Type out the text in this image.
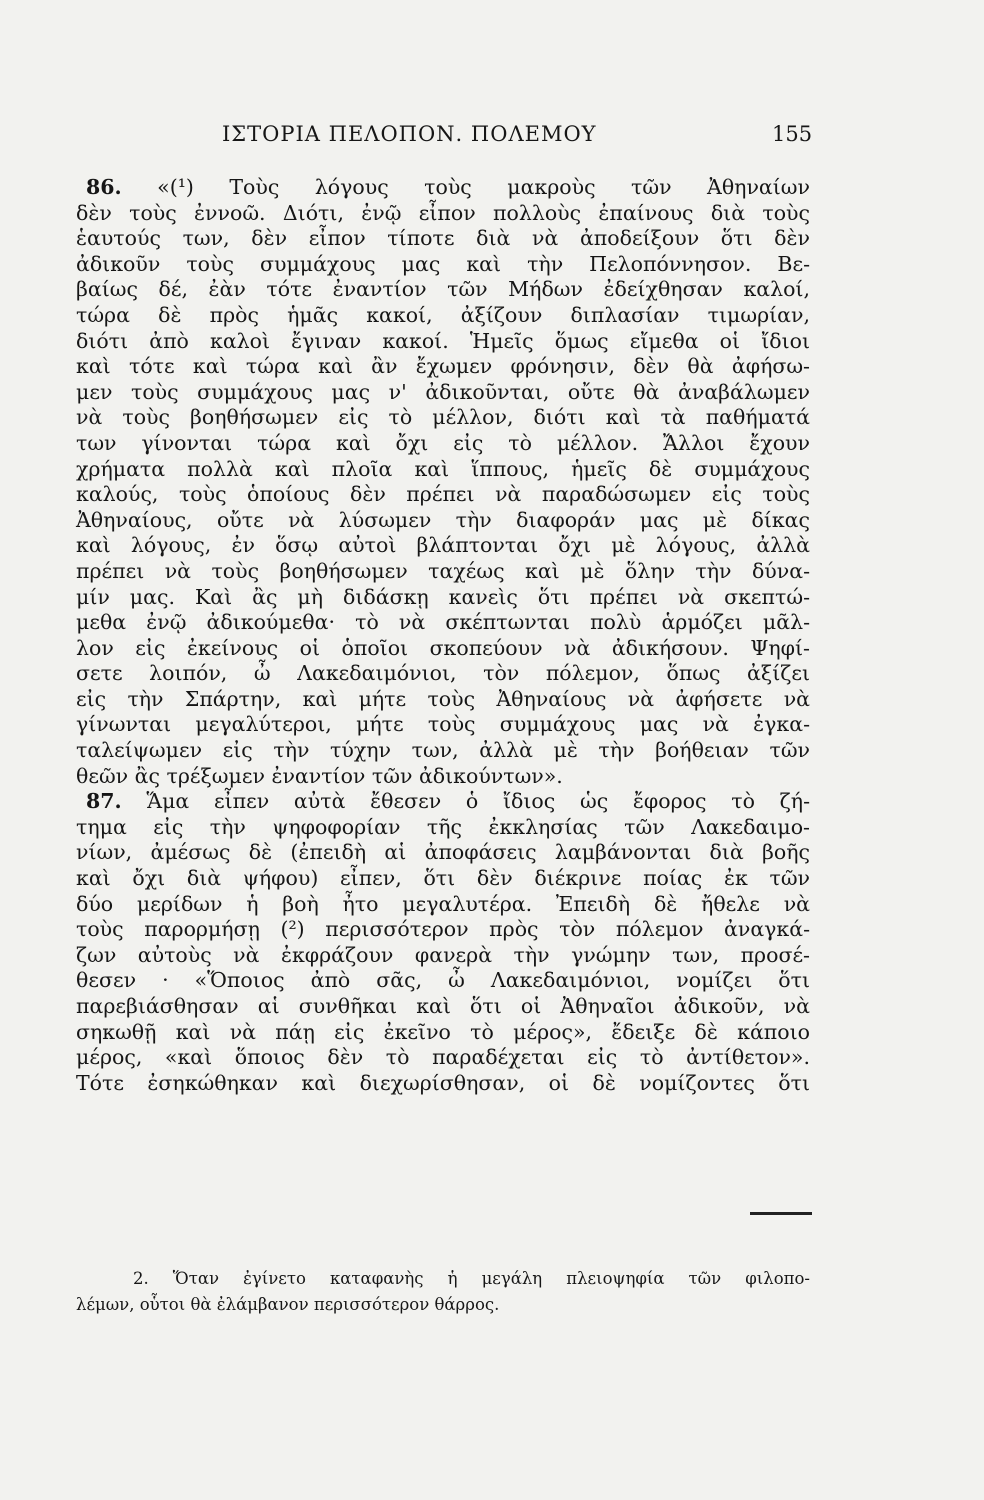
ΙΣΤΟΡΙΑ ΠΕΛΟΠΟΝ. ΠΟΛΕΜΟΥ	155
86. «(¹) Τοὺς λόγους τοὺς μακροὺς τῶν Ἀθηναίων
δὲν τοὺς ἐννοῶ. Διότι, ἐνῷ εἶπον πολλοὺς ἐπαίνους διὰ τοὺς
ἑαυτούς των, δὲν εἶπον τίποτε διὰ νὰ ἀποδείξουν ὅτι δὲν
ἀδικοῦν τοὺς συμμάχους μας καὶ τὴν Πελοπόννησον. Βε-
βαίως δέ, ἐὰν τότε ἐναντίον τῶν Μήδων ἐδείχθησαν καλοί,
τώρα δὲ πρὸς ἡμᾶς κακοί, ἀξίζουν διπλασίαν τιμωρίαν,
διότι ἀπὸ καλοὶ ἔγιναν κακοί. Ἡμεῖς ὅμως εἴμεθα οἱ ἴδιοι
καὶ τότε καὶ τώρα καὶ ἂν ἔχωμεν φρόνησιν, δὲν θὰ ἀφήσω-
μεν τοὺς συμμάχους μας ν' ἀδικοῦνται, οὔτε θὰ ἀναβάλωμεν
νὰ τοὺς βοηθήσωμεν εἰς τὸ μέλλον, διότι καὶ τὰ παθήματά
των γίνονται τώρα καὶ ὄχι εἰς τὸ μέλλον. Ἄλλοι ἔχουν
χρήματα πολλὰ καὶ πλοῖα καὶ ἵππους, ἡμεῖς δὲ συμμάχους
καλούς, τοὺς ὁποίους δὲν πρέπει νὰ παραδώσωμεν εἰς τοὺς
Ἀθηναίους, οὔτε νὰ λύσωμεν τὴν διαφοράν μας μὲ δίκας
καὶ λόγους, ἐν ὅσῳ αὐτοὶ βλάπτονται ὄχι μὲ λόγους, ἀλλὰ
πρέπει νὰ τοὺς βοηθήσωμεν ταχέως καὶ μὲ ὅλην τὴν δύνα-
μίν μας. Καὶ ἂς μὴ διδάσκῃ κανεὶς ὅτι πρέπει νὰ σκεπτώ-
μεθα ἐνῷ ἀδικούμεθα· τὸ νὰ σκέπτωνται πολὺ ἁρμόζει μᾶλ-
λον εἰς ἐκείνους οἱ ὁποῖοι σκοπεύουν νὰ ἀδικήσουν. Ψηφί-
σετε λοιπόν, ὦ Λακεδαιμόνιοι, τὸν πόλεμον, ὅπως ἀξίζει
εἰς τὴν Σπάρτην, καὶ μήτε τοὺς Ἀθηναίους νὰ ἀφήσετε νὰ
γίνωνται μεγαλύτεροι, μήτε τοὺς συμμάχους μας νὰ ἐγκα-
ταλείψωμεν εἰς τὴν τύχην των, ἀλλὰ μὲ τὴν βοήθειαν τῶν
θεῶν ἂς τρέξωμεν ἐναντίον τῶν ἀδικούντων».
87. Ἅμα εἶπεν αὐτὰ ἔθεσεν ὁ ἴδιος ὡς ἔφορος τὸ ζή-
τημα εἰς τὴν ψηφοφορίαν τῆς ἐκκλησίας τῶν Λακεδαιμο-
νίων, ἀμέσως δὲ (ἐπειδὴ αἱ ἀποφάσεις λαμβάνονται διὰ βοῆς
καὶ ὄχι διὰ ψήφου) εἶπεν, ὅτι δὲν διέκρινε ποίας ἐκ τῶν
δύο μερίδων ἡ βοὴ ἦτο μεγαλυτέρα. Ἐπειδὴ δὲ ἤθελε νὰ
τοὺς παρορμήσῃ (²) περισσότερον πρὸς τὸν πόλεμον ἀναγκά-
ζων αὐτοὺς νὰ ἐκφράζουν φανερὰ τὴν γνώμην των, προσέ-
θεσεν · «Ὅποιος ἀπὸ σᾶς, ὦ Λακεδαιμόνιοι, νομίζει ὅτι
παρεβιάσθησαν αἱ συνθῆκαι καὶ ὅτι οἱ Ἀθηναῖοι ἀδικοῦν, νὰ
σηκωθῇ καὶ νὰ πάῃ εἰς ἐκεῖνο τὸ μέρος», ἔδειξε δὲ κάποιο
μέρος, «καὶ ὅποιος δὲν τὸ παραδέχεται εἰς τὸ ἀντίθετον».
Τότε ἐσηκώθηκαν καὶ διεχωρίσθησαν, οἱ δὲ νομίζοντες ὅτι
2. Ὅταν ἐγίνετο καταφανὴς ἡ μεγάλη πλειοψηφία τῶν φιλοπο-
λέμων, οὗτοι θὰ ἐλάμβανον περισσότερον θάρρος.
